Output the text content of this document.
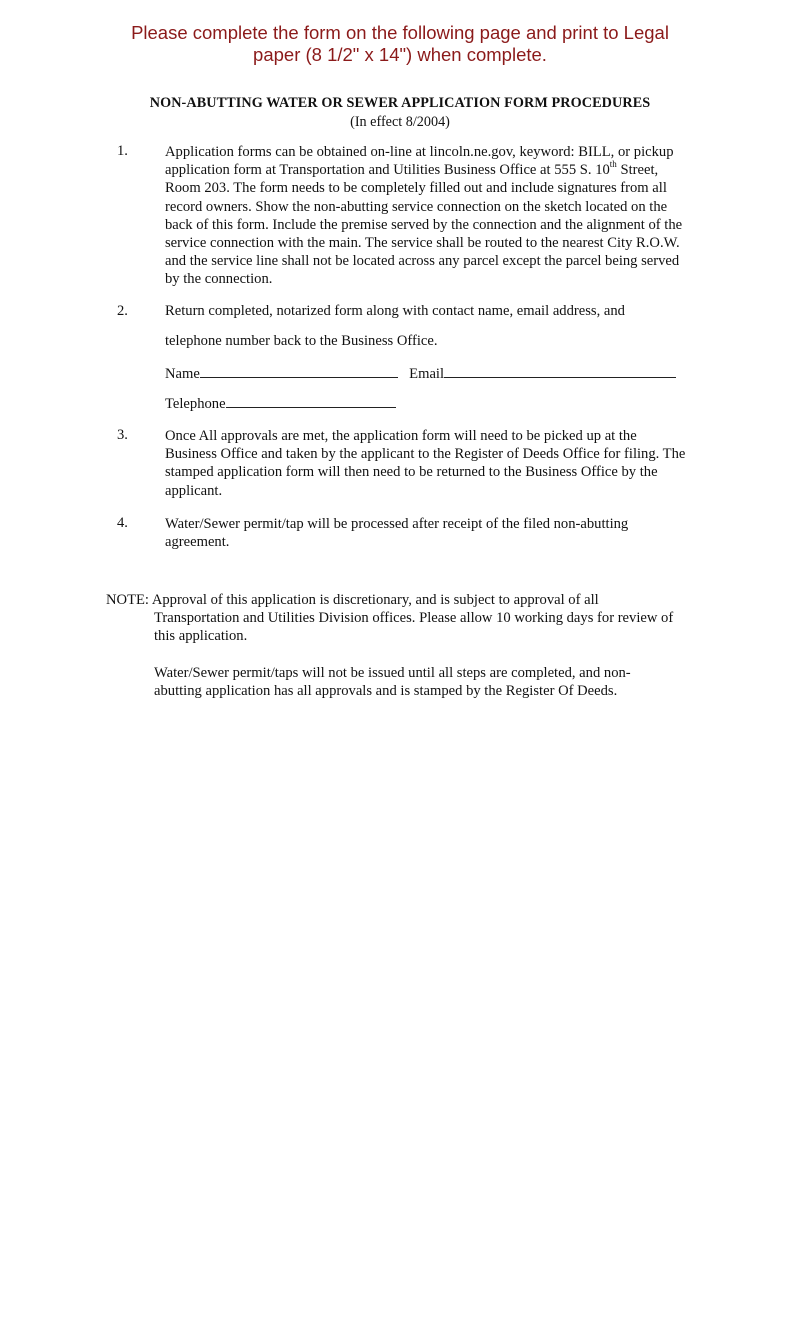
Please complete the form on the following page and print to Legal
paper (8 1/2" x 14") when complete.
NON-ABUTTING WATER OR SEWER APPLICATION FORM PROCEDURES
(In effect 8/2004)
1.	Application forms can be obtained on-line at lincoln.ne.gov, keyword: BILL, or pickup application form at Transportation and Utilities Business Office at 555 S. 10th Street, Room 203. The form needs to be completely filled out and include signatures from all record owners. Show the non-abutting service connection on the sketch located on the back of this form. Include the premise served by the connection and the alignment of the service connection with the main. The service shall be routed to the nearest City R.O.W. and the service line shall not be located across any parcel except the parcel being served by the connection.
2.	Return completed, notarized form along with contact name, email address, and
telephone number back to the Business Office.
Name	Email
Telephone
3.	Once All approvals are met, the application form will need to be picked up at the Business Office and taken by the applicant to the Register of Deeds Office for filing. The stamped application form will then need to be returned to the Business Office by the applicant.
4.	Water/Sewer permit/tap will be processed after receipt of the filed non-abutting agreement.
NOTE: Approval of this application is discretionary, and is subject to approval of all
Transportation and Utilities Division offices. Please allow 10 working days for review of this application.
Water/Sewer permit/taps will not be issued until all steps are completed, and non-abutting application has all approvals and is stamped by the Register Of Deeds.
